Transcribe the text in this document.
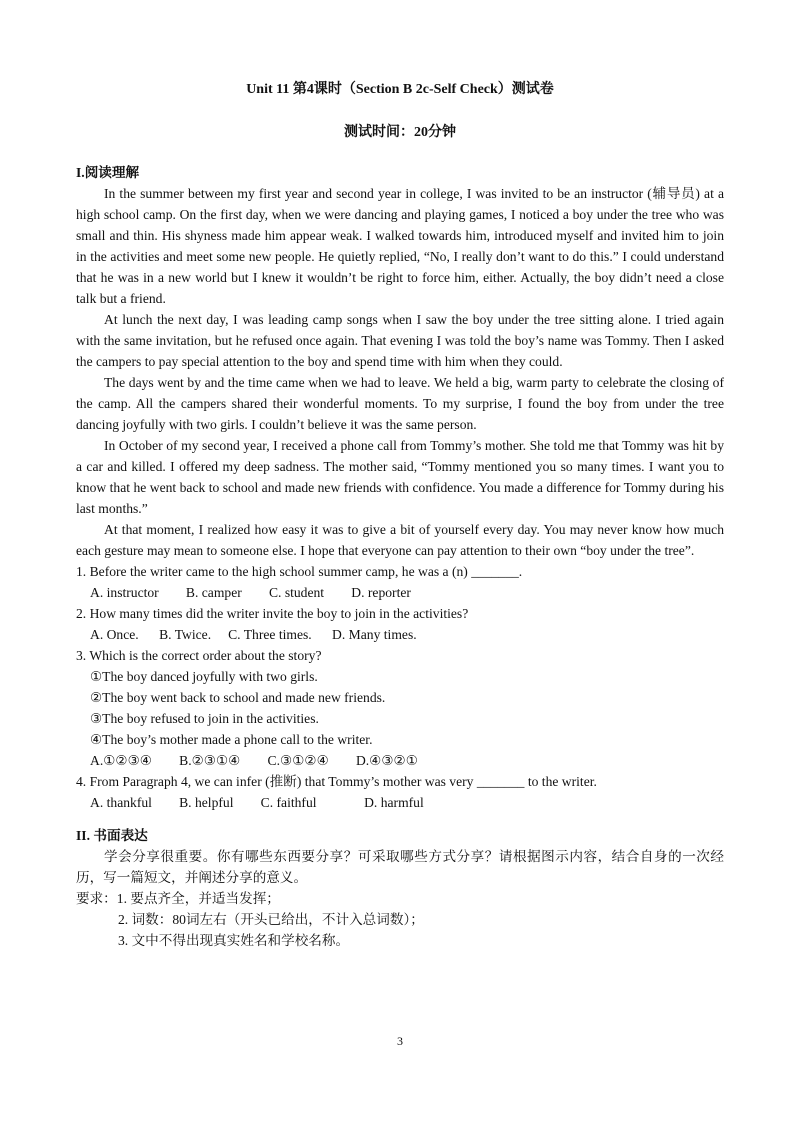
Unit 11 第4课时（Section B 2c-Self Check）测试卷
测试时间：20分钟

I.阅读理解

In the summer between my first year and second year in college, I was invited to be an instructor (辅导员) at a high school camp. On the first day, when we were dancing and playing games, I noticed a boy under the tree who was small and thin. His shyness made him appear weak. I walked towards him, introduced myself and invited him to join in the activities and meet some new people. He quietly replied, “No, I really don’t want to do this.” I could understand that he was in a new world but I knew it wouldn’t be right to force him, either. Actually, the boy didn’t need a close talk but a friend.

At lunch the next day, I was leading camp songs when I saw the boy under the tree sitting alone. I tried again with the same invitation, but he refused once again. That evening I was told the boy’s name was Tommy. Then I asked the campers to pay special attention to the boy and spend time with him when they could.

The days went by and the time came when we had to leave. We held a big, warm party to celebrate the closing of the camp. All the campers shared their wonderful moments. To my surprise, I found the boy from under the tree dancing joyfully with two girls. I couldn’t believe it was the same person.

In October of my second year, I received a phone call from Tommy’s mother. She told me that Tommy was hit by a car and killed. I offered my deep sadness. The mother said, “Tommy mentioned you so many times. I want you to know that he went back to school and made new friends with confidence. You made a difference for Tommy during his last months.”

At that moment, I realized how easy it was to give a bit of yourself every day. You may never know how much each gesture may mean to someone else. I hope that everyone can pay attention to their own “boy under the tree”.

1. Before the writer came to the high school summer camp, he was a (n) _______.

A. instructor        B. camper        C. student        D. reporter

2. How many times did the writer invite the boy to join in the activities?

A. Once.      B. Twice.     C. Three times.      D. Many times.

3. Which is the correct order about the story?

①The boy danced joyfully with two girls.

②The boy went back to school and made new friends.

③The boy refused to join in the activities.

④The boy’s mother made a phone call to the writer.

A.①②③④        B.②③①④        C.③①②④        D.④③②①

4. From Paragraph 4, we can infer (推断) that Tommy’s mother was very _______ to the writer.

A. thankful        B. helpful        C. faithful              D. harmful

II. 书面表达

学会分享很重要。你有哪些东西要分享？可采取哪些方式分享？请根据图示内容，结合自身的一次经历，写一篇短文，并阐述分享的意义。

要求：1. 要点齐全，并适当发挥；

2. 词数：80词左右（开头已给出，不计入总词数）；

3. 文中不得出现真实姓名和学校名称。

3
